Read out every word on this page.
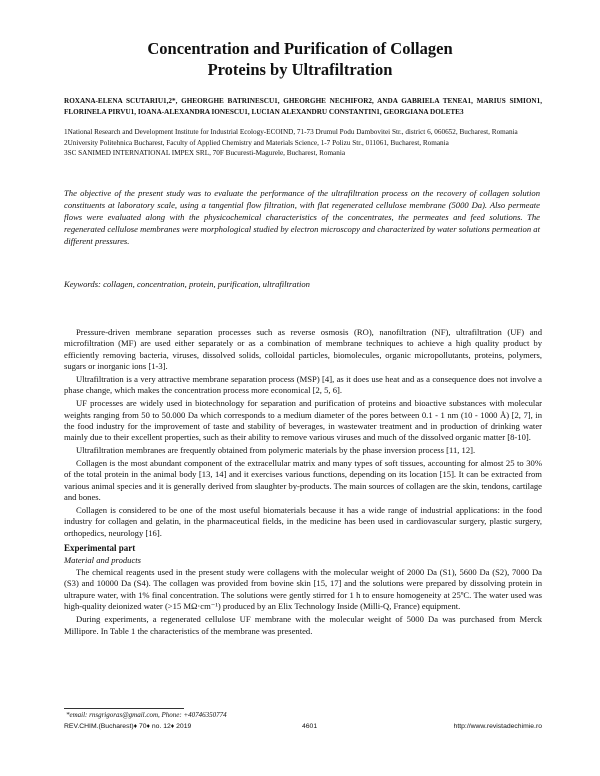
Concentration and Purification of Collagen
Proteins by Ultrafiltration
ROXANA-ELENA SCUTARIU1,2*, GHEORGHE BATRINESCU1, GHEORGHE NECHIFOR2, ANDA GABRIELA TENEA1, MARIUS SIMION1, FLORINELA PIRVU1, IOANA-ALEXANDRA IONESCU1, LUCIAN ALEXANDRU CONSTANTIN1, GEORGIANA DOLETE3

1National Research and Development Institute for Industrial Ecology-ECOIND, 71-73 Drumul Podu Dambovitei Str., district 6, 060652, Bucharest, Romania

2University Politehnica Bucharest, Faculty of Applied Chemistry and Materials Science, 1-7 Polizu Str., 011061, Bucharest, Romania

3SC SANIMED INTERNATIONAL IMPEX SRL, 70F Bucuresti-Magurele, Bucharest, Romania

The objective of the present study was to evaluate the performance of the ultrafiltration process on the recovery of collagen solution constituents at laboratory scale, using a tangential flow filtration, with flat regenerated cellulose membrane (5000 Da). Also permeate flows were evaluated along with the physicochemical characteristics of the concentrates, the permeates and feed solutions. The regenerated cellulose membranes were morphological studied by electron microscopy and characterized by water solutions permeation at different pressures.

Keywords: collagen, concentration, protein, purification, ultrafiltration

Pressure-driven membrane separation processes such as reverse osmosis (RO), nanofiltration (NF), ultrafiltration (UF) and microfiltration (MF) are used either separately or as a combination of membrane techniques to achieve a high quality product by efficiently removing bacteria, viruses, dissolved solids, colloidal particles, biomolecules, organic micropollutants, proteins, polymers, sugars or inorganic ions [1-3].

Ultrafiltration is a very attractive membrane separation process (MSP) [4], as it does use heat and as a consequence does not involve a phase change, which makes the concentration process more economical [2, 5, 6].

UF processes are widely used in biotechnology for separation and purification of proteins and bioactive substances with molecular weights ranging from 50 to 50.000 Da which corresponds to a medium diameter of the pores between 0.1 - 1 nm (10 - 1000 Å) [2, 7], in the food industry for the improvement of taste and stability of beverages, in wastewater treatment and in production of drinking water mainly due to their excellent properties, such as their ability to remove various viruses and much of the dissolved organic matter [8-10].

Ultrafiltration membranes are frequently obtained from polymeric materials by the phase inversion process [11, 12].

Collagen is the most abundant component of the extracellular matrix and many types of soft tissues, accounting for almost 25 to 30% of the total protein in the animal body [13, 14] and it exercises various functions, depending on its location [15]. It can be extracted from various animal species and it is generally derived from slaughter by-products. The main sources of collagen are the skin, tendons, cartilage and bones.

Collagen is considered to be one of the most useful biomaterials because it has a wide range of industrial applications: in the food industry for collagen and gelatin, in the pharmaceutical fields, in the medicine has been used in cardiovascular surgery, plastic surgery, orthopedics, neurology [16].

Experimental part
Material and products

The chemical reagents used in the present study were collagens with the molecular weight of 2000 Da (S1), 5600 Da (S2), 7000 Da (S3) and 10000 Da (S4). The collagen was provided from bovine skin [15, 17] and the solutions were prepared by dissolving protein in ultrapure water, with 1% final concentration. The solutions were gently stirred for 1 h to ensure homogeneity at 25ºC. The water used was high-quality deionized water (>15 MΩ·cm⁻¹) produced by an Elix Technology Inside (Milli-Q, France) equipment.

During experiments, a regenerated cellulose UF membrane with the molecular weight of 5000 Da was purchased from Merck Millipore. In Table 1 the characteristics of the membrane was presented.

*email: rnsgrigoras@gmail.com, Phone: +40746350774
REV.CHIM.(Bucharest)♦ 70♦ no. 12♦ 2019	4601	http://www.revistadechimie.ro
